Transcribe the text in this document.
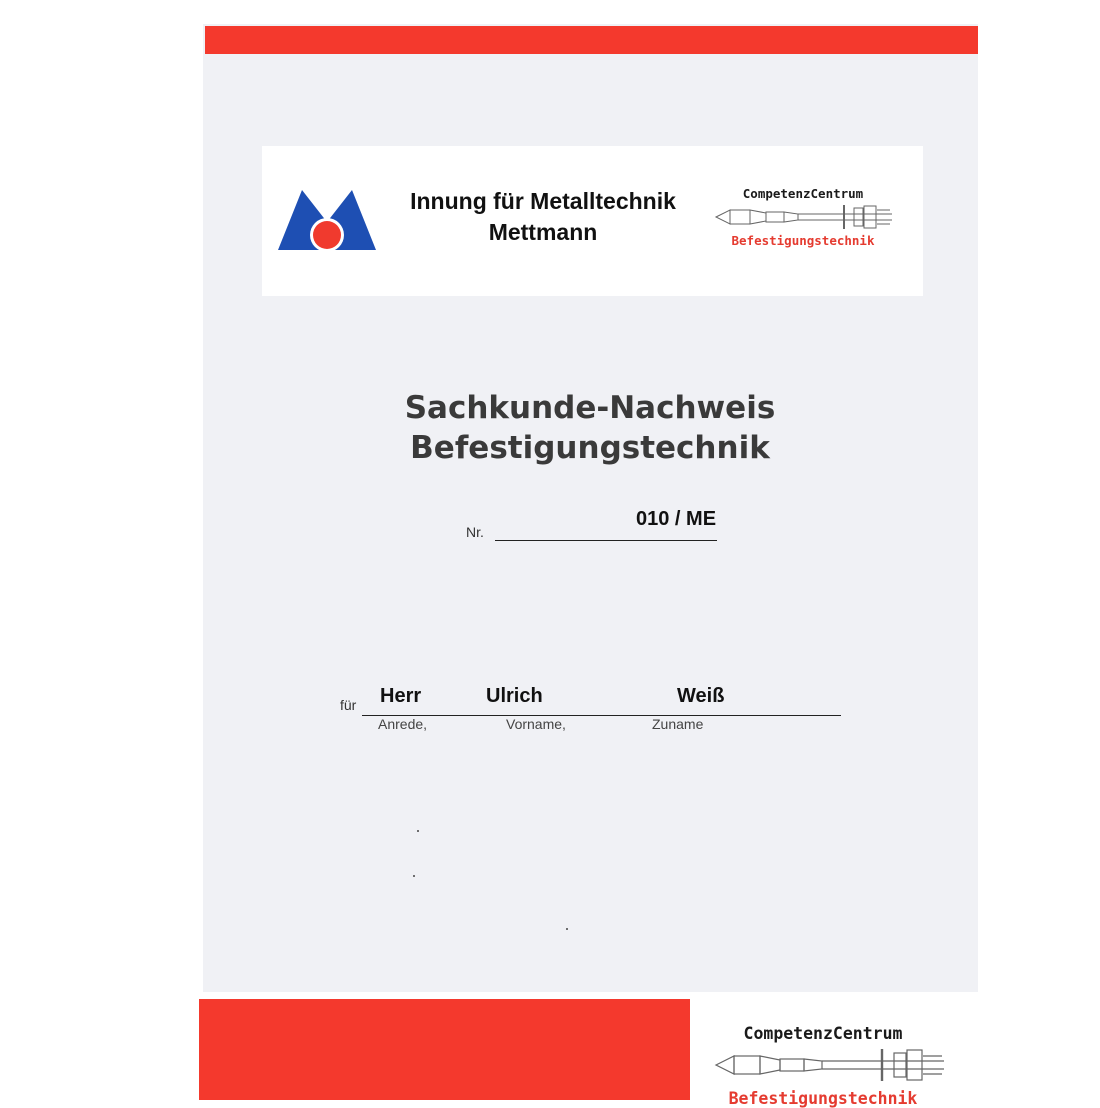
Innung für Metalltechnik
Mettmann
CompetenzCentrum
Befestigungstechnik
Sachkunde-Nachweis
Befestigungstechnik
Nr.
010 / ME
für Herr	Ulrich	Weiß
Anrede,	Vorname,	Zuname
CompetenzCentrum
Befestigungstechnik
